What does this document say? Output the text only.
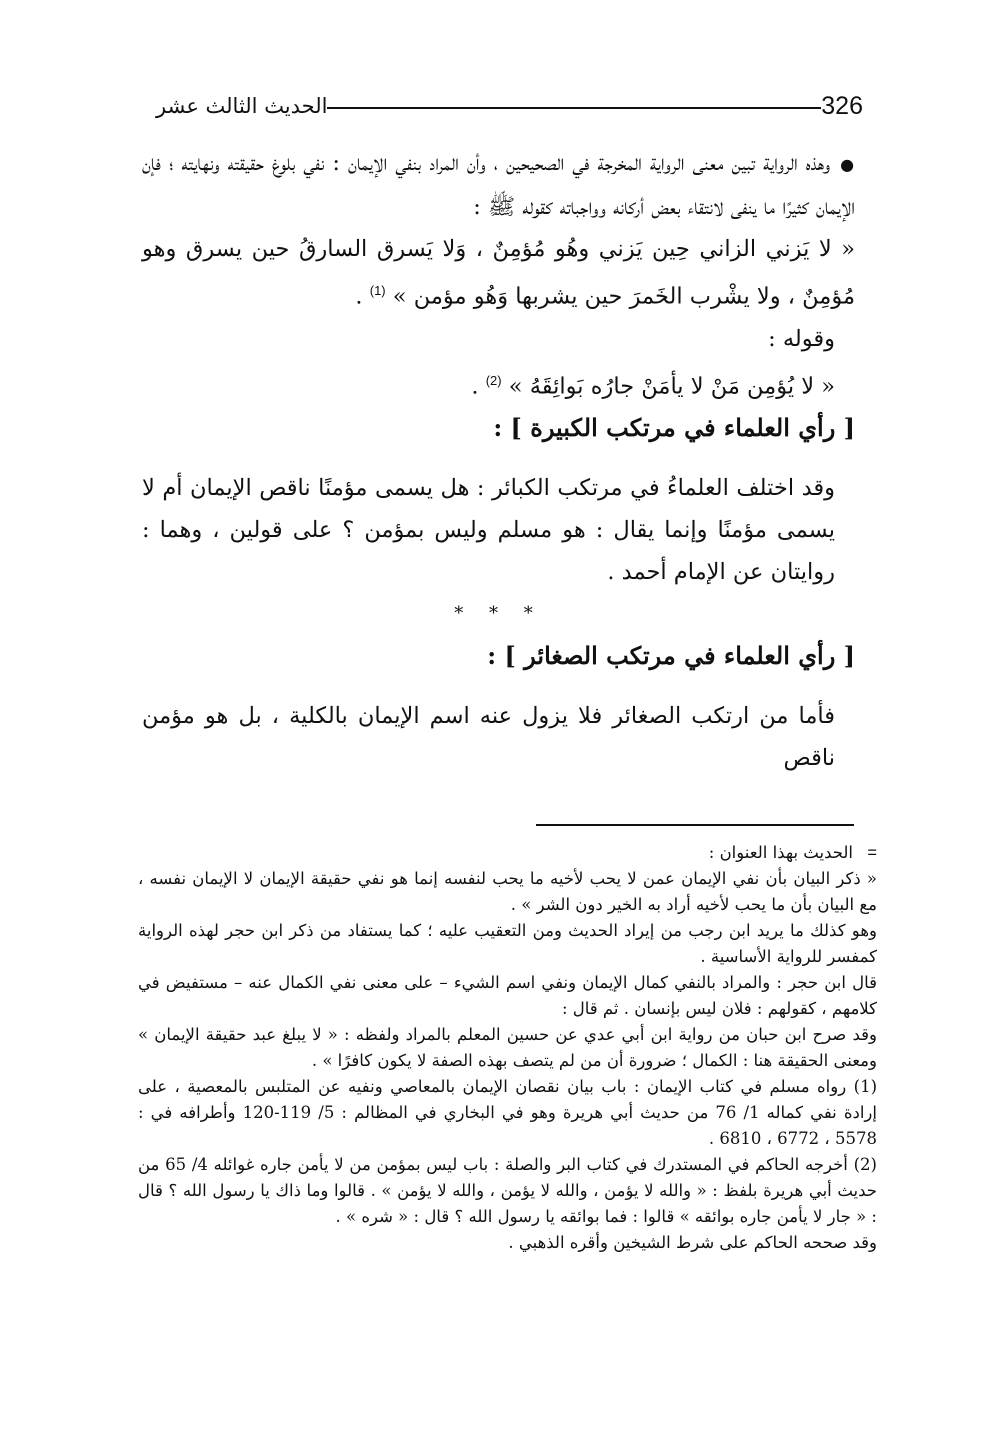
326
الحديث الثالث عشر

●وهذه الرواية تبين معنى الرواية المخرجة في الصحيحين ، وأن المراد بنفي الإيمان : نفي بلوغ حقيقته ونهايته ؛ فإن الإيمان كثيرًا ما ينفى لانتقاء بعض أركانه وواجباته كقوله ﷺ :

« لا يَزني الزاني حِين يَزني وهُو مُؤمِنٌ ، وَلا يَسرق السارقُ حين يسرق وهو مُؤمِنٌ ، ولا يشْرب الخَمرَ حين يشربها وَهُو مؤمن » $^{(1)}$ .

وقوله :

« لا يُؤمِن مَنْ لا يأمَنْ جارُه بَوائِقَهُ » $^{(2)}$ .

[ رأي العلماء في مرتكب الكبيرة ] :

وقد اختلف العلماءُ في مرتكب الكبائر : هل يسمى مؤمنًا ناقص الإيمان أم لا يسمى مؤمنًا وإنما يقال : هو مسلم وليس بمؤمن ؟ على قولين ، وهما : روايتان عن الإمام أحمد .

* * *

[ رأي العلماء في مرتكب الصغائر ] :

فأما من ارتكب الصغائر فلا يزول عنه اسم الإيمان بالكلية ، بل هو مؤمن ناقص

=
الحديث بهذا العنوان :

« ذكر البيان بأن نفي الإيمان عمن لا يحب لأخيه ما يحب لنفسه إنما هو نفي حقيقة الإيمان لا الإيمان نفسه ، مع البيان بأن ما يحب لأخيه أراد به الخير دون الشر » .

وهو كذلك ما يريد ابن رجب من إيراد الحديث ومن التعقيب عليه ؛ كما يستفاد من ذكر ابن حجر لهذه الرواية كمفسر للرواية الأساسية .

قال ابن حجر : والمراد بالنفي كمال الإيمان ونفي اسم الشيء – على معنى نفي الكمال عنه – مستفيض في كلامهم ، كقولهم : فلان ليس بإنسان . ثم قال :

وقد صرح ابن حبان من رواية ابن أبي عدي عن حسين المعلم بالمراد ولفظه : « لا يبلغ عبد حقيقة الإيمان » ومعنى الحقيقة هنا : الكمال ؛ ضرورة أن من لم يتصف بهذه الصفة لا يكون كافرًا » .

(1) رواه مسلم في كتاب الإيمان : باب بيان نقصان الإيمان بالمعاصي ونفيه عن المتلبس بالمعصية ، على إرادة نفي كماله 1/ 76 من حديث أبي هريرة وهو في البخاري في المظالم : 5/ 119-120 وأطرافه في : 5578 ، 6772 ، 6810 .

(2) أخرجه الحاكم في المستدرك في كتاب البر والصلة : باب ليس بمؤمن من لا يأمن جاره غوائله 4/ 65 من حديث أبي هريرة بلفظ : « والله لا يؤمن ، والله لا يؤمن ، والله لا يؤمن » . قالوا وما ذاك يا رسول الله ؟ قال : « جار لا يأمن جاره بوائقه » قالوا : فما بوائقه يا رسول الله ؟ قال : « شره » .

وقد صححه الحاكم على شرط الشيخين وأقره الذهبي .
